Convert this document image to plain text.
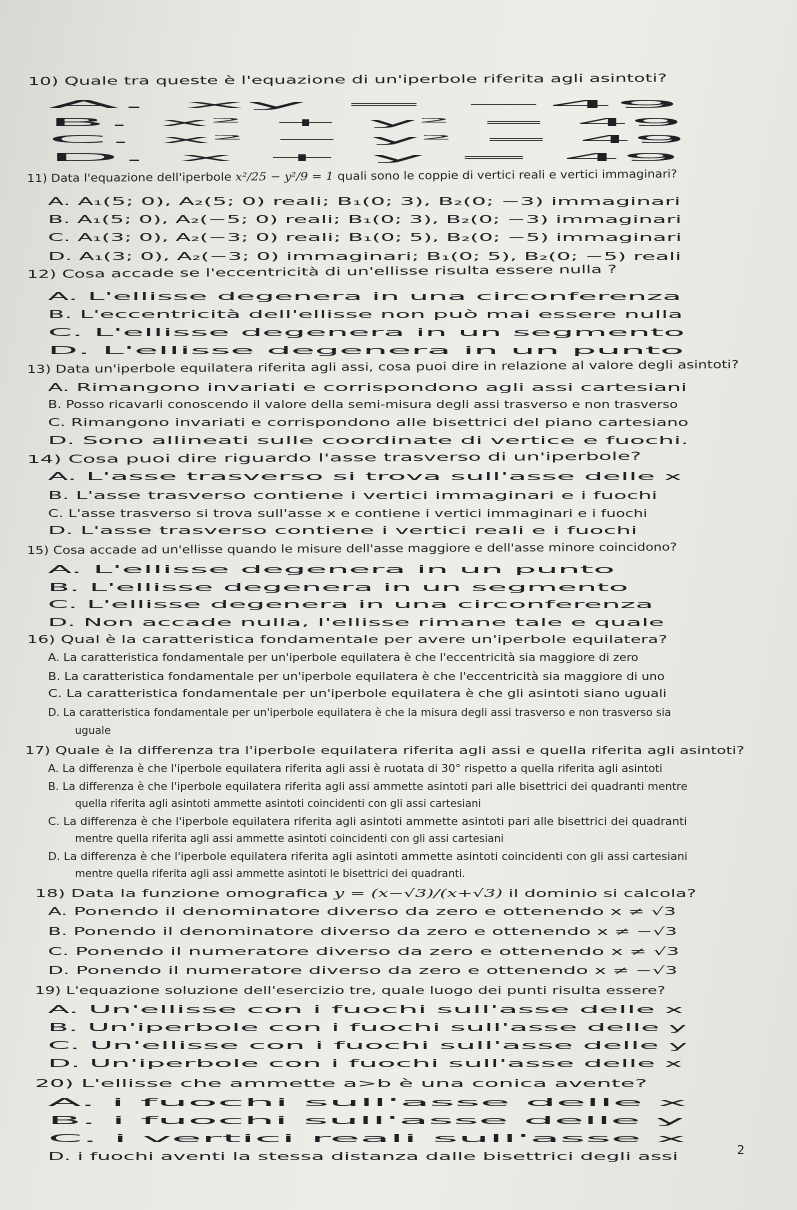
10) Quale tra queste è l'equazione di un'iperbole riferita agli asintoti?
A. xy = −49
B. x² + y² = 49
C. x² − y² = 49
D. x + y = 49
11) Data l'equazione dell'iperbole x²/25 − y²/9 = 1 quali sono le coppie di vertici reali e vertici immaginari?
A. A₁(5; 0), A₂(5; 0) reali; B₁(0; 3), B₂(0; −3) immaginari
B. A₁(5; 0), A₂(−5; 0) reali; B₁(0; 3), B₂(0; −3) immaginari
C. A₁(3; 0), A₂(−3; 0) reali; B₁(0; 5), B₂(0; −5) immaginari
D. A₁(3; 0), A₂(−3; 0) immaginari; B₁(0; 5), B₂(0; −5) reali
12) Cosa accade se l'eccentricità di un'ellisse risulta essere nulla ?
A. L'ellisse degenera in una circonferenza
B. L'eccentricità dell'ellisse non può mai essere nulla
C. L'ellisse degenera in un segmento
D. L'ellisse degenera in un punto
13) Data un'iperbole equilatera riferita agli assi, cosa puoi dire in relazione al valore degli asintoti?
A. Rimangono invariati e corrispondono agli assi cartesiani
B. Posso ricavarli conoscendo il valore della semi-misura degli assi trasverso e non trasverso
C. Rimangono invariati e corrispondono alle bisettrici del piano cartesiano
D. Sono allineati sulle coordinate di vertice e fuochi.
14) Cosa puoi dire riguardo l'asse trasverso di un'iperbole?
A. L'asse trasverso si trova sull'asse delle x
B. L'asse trasverso contiene i vertici immaginari e i fuochi
C. L'asse trasverso si trova sull'asse x e contiene i vertici immaginari e i fuochi
D. L'asse trasverso contiene i vertici reali e i fuochi
15) Cosa accade ad un'ellisse quando le misure dell'asse maggiore e dell'asse minore coincidono?
A. L'ellisse degenera in un punto
B. L'ellisse degenera in un segmento
C. L'ellisse degenera in una circonferenza
D. Non accade nulla, l'ellisse rimane tale e quale
16) Qual è la caratteristica fondamentale per avere un'iperbole equilatera?
A. La caratteristica fondamentale per un'iperbole equilatera è che l'eccentricità sia maggiore di zero
B. La caratteristica fondamentale per un'iperbole equilatera è che l'eccentricità sia maggiore di uno
C. La caratteristica fondamentale per un'iperbole equilatera è che gli asintoti siano uguali
D. La caratteristica fondamentale per un'iperbole equilatera è che la misura degli assi trasverso e non trasverso sia
uguale
17) Quale è la differenza tra l'iperbole equilatera riferita agli assi e quella riferita agli asintoti?
A. La differenza è che l'iperbole equilatera riferita agli assi è ruotata di 30° rispetto a quella riferita agli asintoti
B. La differenza è che l'iperbole equilatera riferita agli assi ammette asintoti pari alle bisettrici dei quadranti mentre
quella riferita agli asintoti ammette asintoti coincidenti con gli assi cartesiani
C. La differenza è che l'iperbole equilatera riferita agli asintoti ammette asintoti pari alle bisettrici dei quadranti
mentre quella riferita agli assi ammette asintoti coincidenti con gli assi cartesiani
D. La differenza è che l'iperbole equilatera riferita agli asintoti ammette asintoti coincidenti con gli assi cartesiani
mentre quella riferita agli assi ammette asintoti le bisettrici dei quadranti.
18) Data la funzione omografica y = (x−√3)/(x+√3) il dominio si calcola?
A. Ponendo il denominatore diverso da zero e ottenendo x ≠ √3
B. Ponendo il denominatore diverso da zero e ottenendo x ≠ −√3
C. Ponendo il numeratore diverso da zero e ottenendo x ≠ √3
D. Ponendo il numeratore diverso da zero e ottenendo x ≠ −√3
19) L'equazione soluzione dell'esercizio tre, quale luogo dei punti risulta essere?
A. Un'ellisse con i fuochi sull'asse delle x
B. Un'iperbole con i fuochi sull'asse delle y
C. Un'ellisse con i fuochi sull'asse delle y
D. Un'iperbole con i fuochi sull'asse delle x
20) L'ellisse che ammette a>b è una conica avente?
A. i fuochi sull'asse delle x
B. i fuochi sull'asse delle y
C. i vertici reali sull'asse x
D. i fuochi aventi la stessa distanza dalle bisettrici degli assi	2
